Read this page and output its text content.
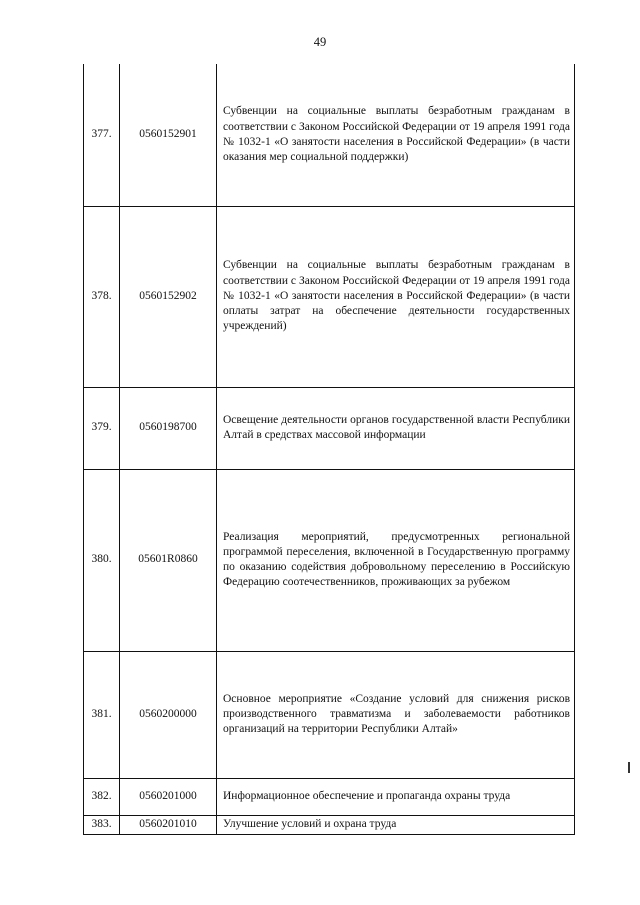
49
377.	0560152901	Субвенции на социальные выплаты безработным гражданам в соответствии с Законом Российской Федерации от 19 апреля 1991 года № 1032-1 «О занятости населения в Российской Федерации» (в части оказания мер социальной поддержки)
378.	0560152902	Субвенции на социальные выплаты безработным гражданам в соответствии с Законом Российской Федерации от 19 апреля 1991 года № 1032-1 «О занятости населения в Российской Федерации» (в части оплаты затрат на обеспечение деятельности государственных учреждений)
379.	0560198700	Освещение деятельности органов государственной власти Республики Алтай в средствах массовой информации
380.	05601R0860	Реализация мероприятий, предусмотренных региональной программой переселения, включенной в Государственную программу по оказанию содействия добровольному переселению в Российскую Федерацию соотечественников, проживающих за рубежом
381.	0560200000	Основное мероприятие «Создание условий для снижения рисков производственного травматизма и заболеваемости работников организаций на территории Республики Алтай»
382.	0560201000	Информационное обеспечение и пропаганда охраны труда
383.	0560201010	Улучшение условий и охрана труда
